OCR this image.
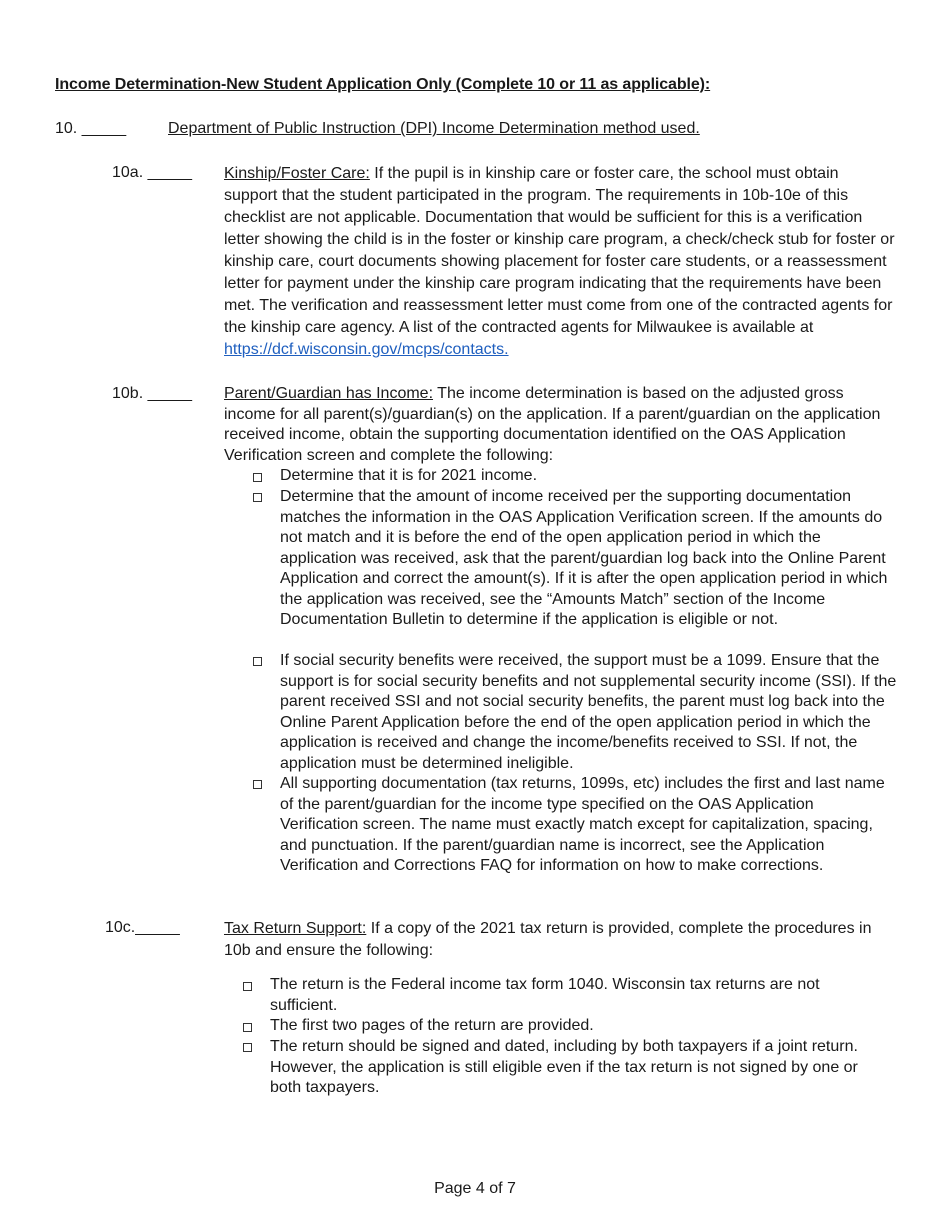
Income Determination-New Student Application Only (Complete 10 or 11 as applicable):
10. _____	Department of Public Instruction (DPI) Income Determination method used.
10a. _____ Kinship/Foster Care: If the pupil is in kinship care or foster care, the school must obtain support that the student participated in the program. The requirements in 10b-10e of this checklist are not applicable. Documentation that would be sufficient for this is a verification letter showing the child is in the foster or kinship care program, a check/check stub for foster or kinship care, court documents showing placement for foster care students, or a reassessment letter for payment under the kinship care program indicating that the requirements have been met. The verification and reassessment letter must come from one of the contracted agents for the kinship care agency. A list of the contracted agents for Milwaukee is available at https://dcf.wisconsin.gov/mcps/contacts.
10b. _____ Parent/Guardian has Income: The income determination is based on the adjusted gross income for all parent(s)/guardian(s) on the application. If a parent/guardian on the application received income, obtain the supporting documentation identified on the OAS Application Verification screen and complete the following:
Determine that it is for 2021 income.
Determine that the amount of income received per the supporting documentation matches the information in the OAS Application Verification screen. If the amounts do not match and it is before the end of the open application period in which the application was received, ask that the parent/guardian log back into the Online Parent Application and correct the amount(s). If it is after the open application period in which the application was received, see the “Amounts Match” section of the Income Documentation Bulletin to determine if the application is eligible or not.
If social security benefits were received, the support must be a 1099. Ensure that the support is for social security benefits and not supplemental security income (SSI). If the parent received SSI and not social security benefits, the parent must log back into the Online Parent Application before the end of the open application period in which the application is received and change the income/benefits received to SSI. If not, the application must be determined ineligible.
All supporting documentation (tax returns, 1099s, etc) includes the first and last name of the parent/guardian for the income type specified on the OAS Application Verification screen. The name must exactly match except for capitalization, spacing, and punctuation. If the parent/guardian name is incorrect, see the Application Verification and Corrections FAQ for information on how to make corrections.
10c._____	Tax Return Support: If a copy of the 2021 tax return is provided, complete the procedures in 10b and ensure the following:
The return is the Federal income tax form 1040. Wisconsin tax returns are not sufficient.
The first two pages of the return are provided.
The return should be signed and dated, including by both taxpayers if a joint return. However, the application is still eligible even if the tax return is not signed by one or both taxpayers.
Page 4 of 7
